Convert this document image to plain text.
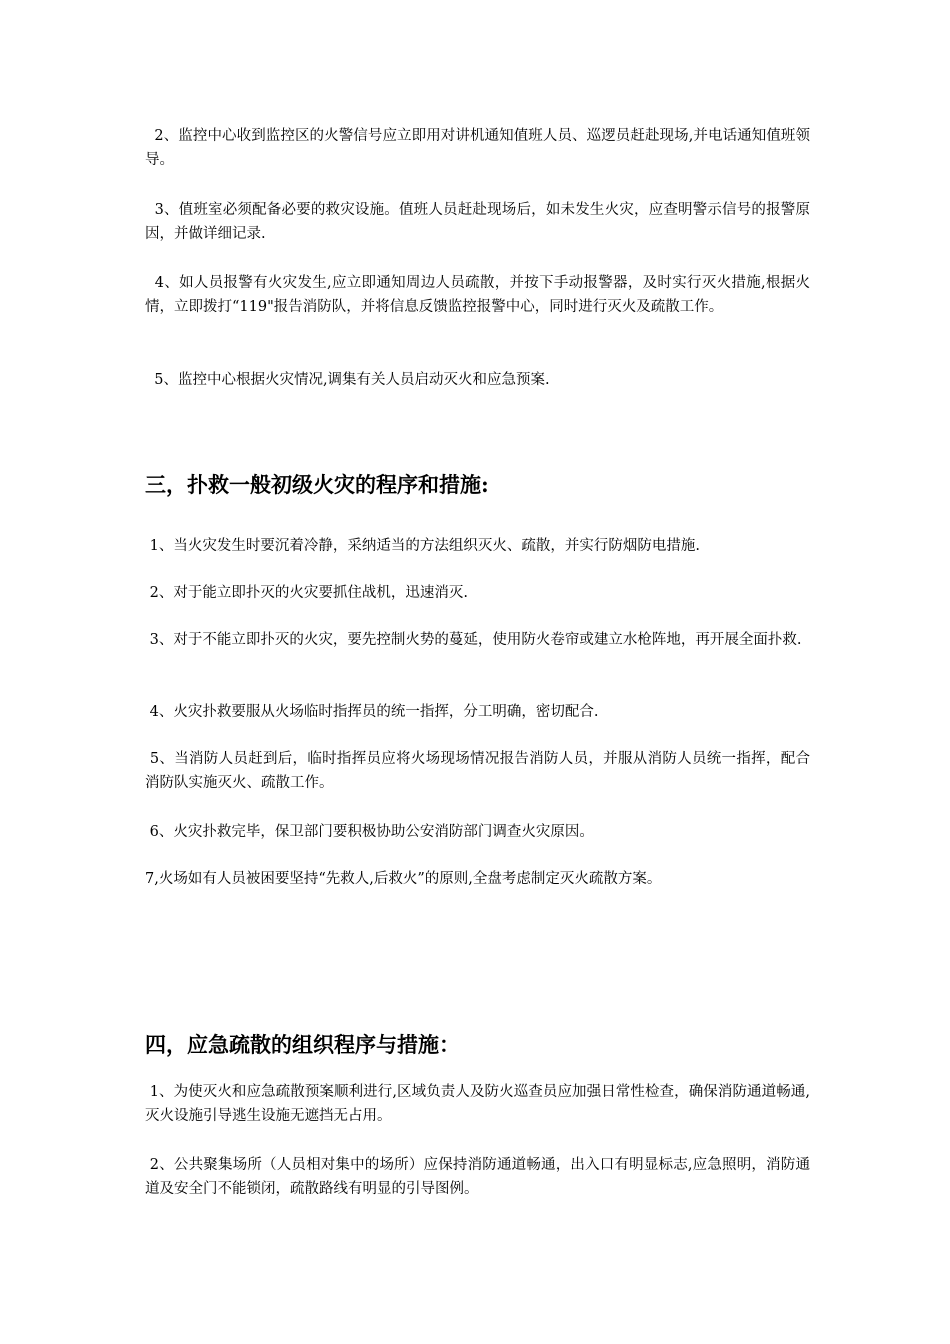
2、监控中心收到监控区的火警信号应立即用对讲机通知值班人员、巡逻员赶赴现场,并电话通知值班领导。

3、值班室必须配备必要的救灾设施。值班人员赶赴现场后，如未发生火灾，应查明警示信号的报警原因，并做详细记录.

4、如人员报警有火灾发生,应立即通知周边人员疏散，并按下手动报警器，及时实行灭火措施,根据火情，立即拨打“119"报告消防队，并将信息反馈监控报警中心，同时进行灭火及疏散工作。

5、监控中心根据火灾情况,调集有关人员启动灭火和应急预案.

三，扑救一般初级火灾的程序和措施:

1、当火灾发生时要沉着冷静，采纳适当的方法组织灭火、疏散，并实行防烟防电措施.

2、对于能立即扑灭的火灾要抓住战机，迅速消灭.

3、对于不能立即扑灭的火灾，要先控制火势的蔓延，使用防火卷帘或建立水枪阵地，再开展全面扑救.

4、火灾扑救要服从火场临时指挥员的统一指挥，分工明确，密切配合.

5、当消防人员赶到后，临时指挥员应将火场现场情况报告消防人员，并服从消防人员统一指挥，配合消防队实施灭火、疏散工作。

6、火灾扑救完毕，保卫部门要积极协助公安消防部门调查火灾原因。

7,火场如有人员被困要坚持“先救人,后救火”的原则,全盘考虑制定灭火疏散方案。

四，应急疏散的组织程序与措施：

1、为使灭火和应急疏散预案顺利进行,区域负责人及防火巡查员应加强日常性检查，确保消防通道畅通,灭火设施引导逃生设施无遮挡无占用。

2、公共聚集场所（人员相对集中的场所）应保持消防通道畅通，出入口有明显标志,应急照明，消防通道及安全门不能锁闭，疏散路线有明显的引导图例。
